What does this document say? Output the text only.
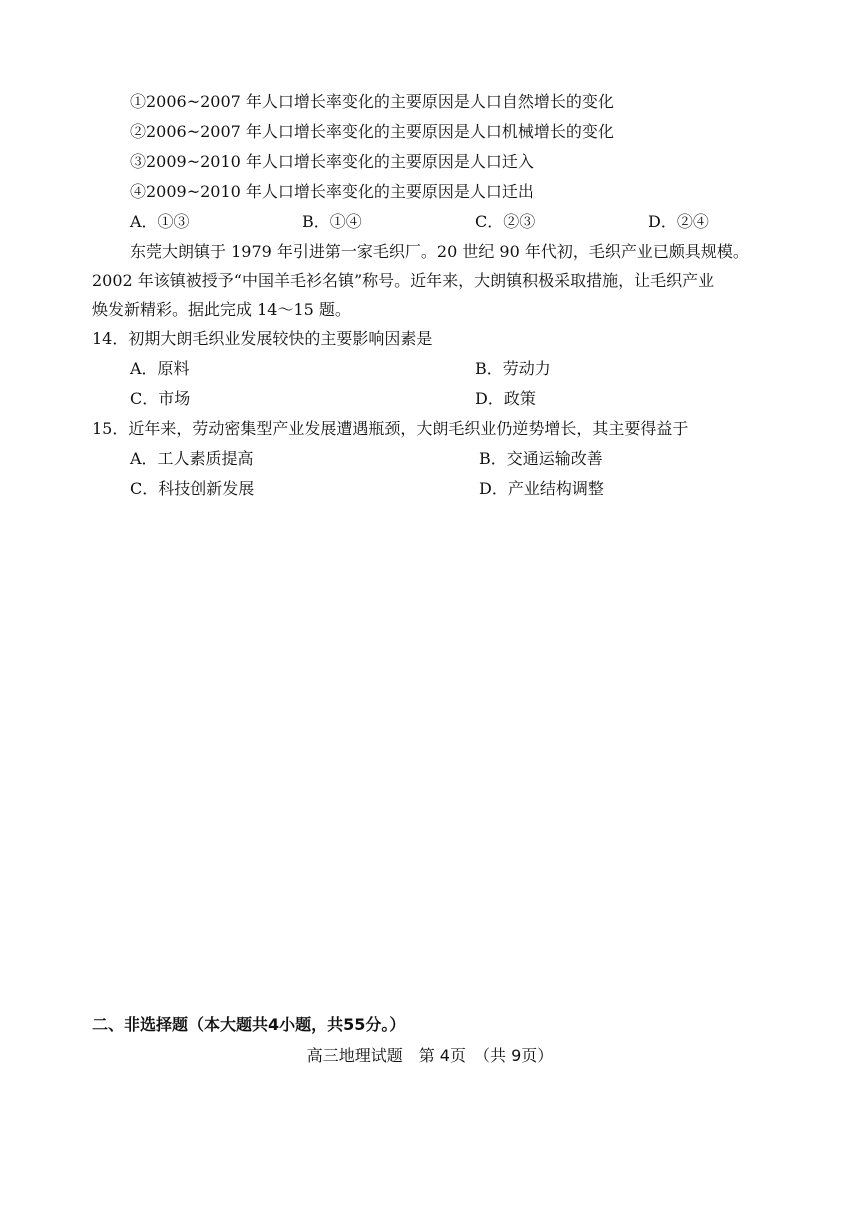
①2006~2007 年人口增长率变化的主要原因是人口自然增长的变化
②2006~2007 年人口增长率变化的主要原因是人口机械增长的变化
③2009~2010 年人口增长率变化的主要原因是人口迁入
④2009~2010 年人口增长率变化的主要原因是人口迁出
A．①③	B．①④	C．②③	D．②④
东莞大朗镇于 1979 年引进第一家毛织厂。20 世纪 90 年代初，毛织产业已颇具规模。
2002 年该镇被授予“中国羊毛衫名镇”称号。近年来，大朗镇积极采取措施，让毛织产业
焕发新精彩。据此完成 14～15 题。
14．初期大朗毛织业发展较快的主要影响因素是
A．原料	B．劳动力
C．市场	D．政策
15．近年来，劳动密集型产业发展遭遇瓶颈，大朗毛织业仍逆势增长，其主要得益于
A．工人素质提高	B．交通运输改善
C．科技创新发展	D．产业结构调整
二、非选择题（本大题共4小题，共55分。）
高三地理试题　第 4页　（共 9页）
